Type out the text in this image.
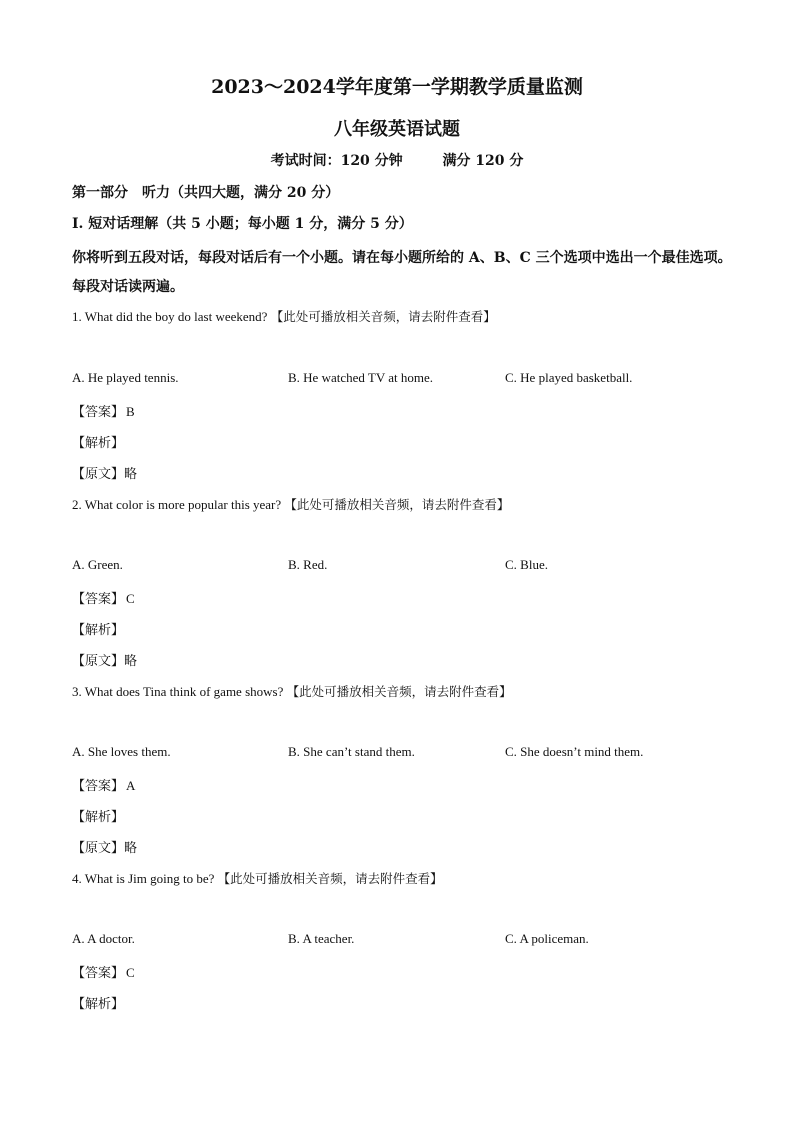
2023～2024学年度第一学期教学质量监测
八年级英语试题
考试时间：120 分钟	满分 120 分
第一部分　听力（共四大题，满分 20 分）
I. 短对话理解（共 5 小题；每小题 1 分，满分 5 分）
你将听到五段对话，每段对话后有一个小题。请在每小题所给的 A、B、C 三个选项中选出一个最佳选项。每段对话读两遍。
1. What did the boy do last weekend? 【此处可播放相关音频，请去附件查看】
A. He played tennis.	B. He watched TV at home.	C. He played basketball.
【答案】 B
【解析】
【原文】略
2. What color is more popular this year? 【此处可播放相关音频，请去附件查看】
A. Green.	B. Red.	C. Blue.
【答案】 C
【解析】
【原文】略
3. What does Tina think of game shows? 【此处可播放相关音频，请去附件查看】
A. She loves them.	B. She can’t stand them.	C. She doesn’t mind them.
【答案】 A
【解析】
【原文】略
4. What is Jim going to be? 【此处可播放相关音频，请去附件查看】
A. A doctor.	B. A teacher.	C. A policeman.
【答案】 C
【解析】
